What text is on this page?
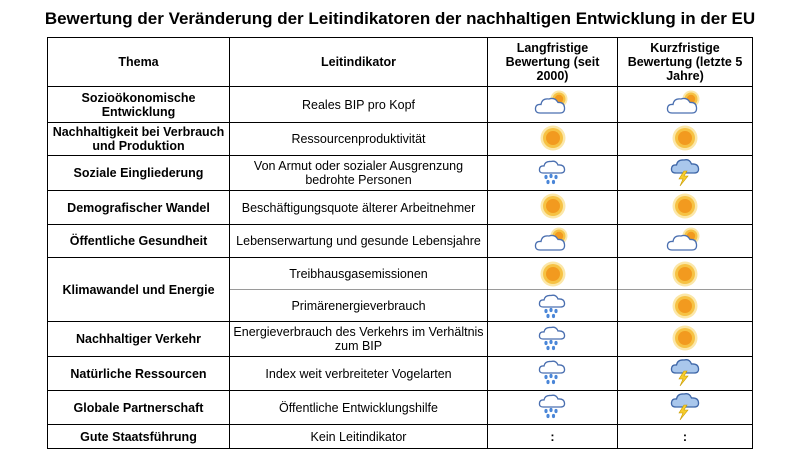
Bewertung der Veränderung der Leitindikatoren der nachhaltigen Entwicklung in der EU
Thema	Leitindikator	Langfristige Bewertung (seit 2000)	Kurzfristige Bewertung (letzte 5 Jahre)
Sozioökonomische Entwicklung	Reales BIP pro Kopf	

Nachhaltigkeit bei Verbrauch und Produktion	Ressourcenproduktivität	

Soziale Eingliederung	Von Armut oder sozialer Ausgrenzung bedrohte Personen	

Demografischer Wandel	Beschäftigungsquote älterer Arbeitnehmer	

Öffentliche Gesundheit	Lebenserwartung und gesunde Lebensjahre	

Klimawandel und Energie	Treibhausgasemissionen
Primärenergieverbrauch

Nachhaltiger Verkehr	Energieverbrauch des Verkehrs im Verhältnis zum BIP	

Natürliche Ressourcen	Index weit verbreiteter Vogelarten	

Globale Partnerschaft	Öffentliche Entwicklungshilfe	

Gute Staatsführung	Kein Leitindikator	:	:
